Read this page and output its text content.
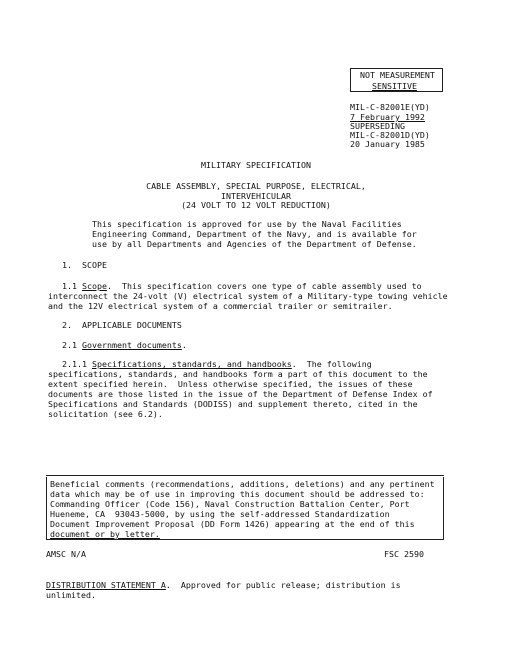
NOT MEASUREMENT
SENSITIVE
MIL-C-82001E(YD)
7 February 1992
SUPERSEDING
MIL-C-82001D(YD)
20 January 1985
MILITARY SPECIFICATION
CABLE ASSEMBLY, SPECIAL PURPOSE, ELECTRICAL,
INTERVEHICULAR
(24 VOLT TO 12 VOLT REDUCTION)
This specification is approved for use by the Naval Facilities
Engineering Command, Department of the Navy, and is available for
use by all Departments and Agencies of the Department of Defense.
1.  SCOPE
1.1 Scope.  This specification covers one type of cable assembly used to
interconnect the 24-volt (V) electrical system of a Military-type towing vehicle
and the 12V electrical system of a commercial trailer or semitrailer.
2.  APPLICABLE DOCUMENTS
2.1 Government documents.
2.1.1 Specifications, standards, and handbooks.  The following
specifications, standards, and handbooks form a part of this document to the
extent specified herein.  Unless otherwise specified, the issues of these
documents are those listed in the issue of the Department of Defense Index of
Specifications and Standards (DODISS) and supplement thereto, cited in the
solicitation (see 6.2).
Beneficial comments (recommendations, additions, deletions) and any pertinent
data which may be of use in improving this document should be addressed to:
Commanding Officer (Code 156), Naval Construction Battalion Center, Port
Hueneme, CA  93043-5000, by using the self-addressed Standardization
Document Improvement Proposal (DD Form 1426) appearing at the end of this
document or by letter.
AMSC N/A	FSC 2590
DISTRIBUTION STATEMENT A.  Approved for public release; distribution is
unlimited.
